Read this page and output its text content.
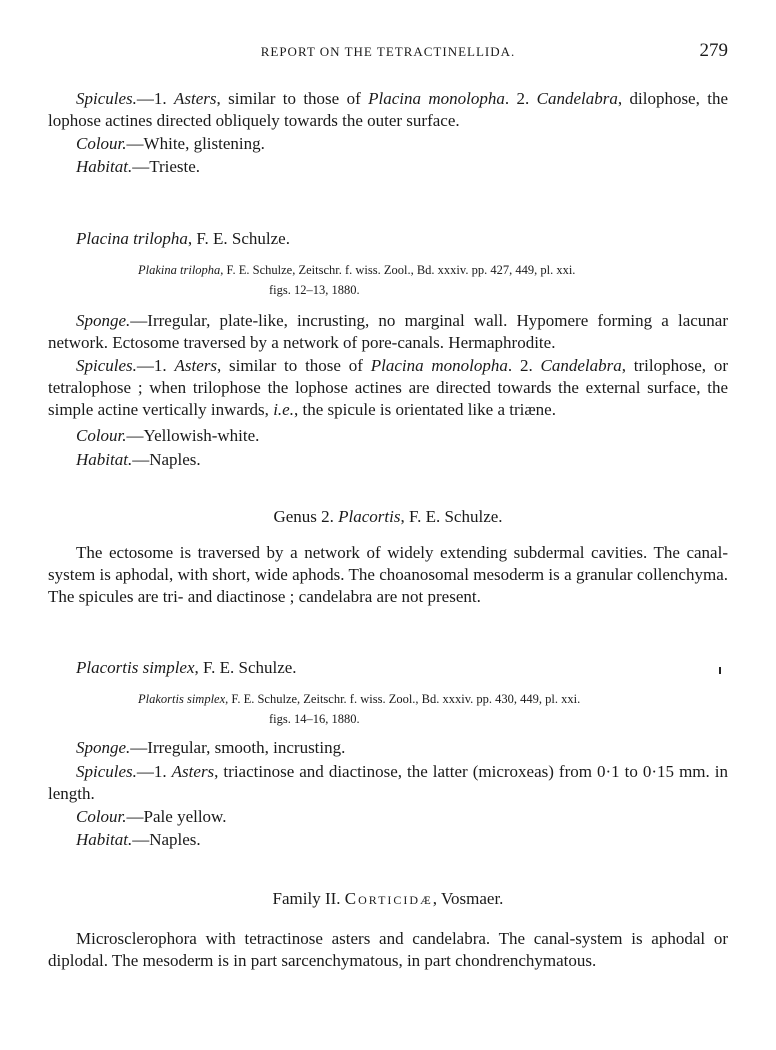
REPORT ON THE TETRACTINELLIDA.	279

Spicules.—1. Asters, similar to those of Placina monolopha. 2. Candelabra, dilophose, the lophose actines directed obliquely towards the outer surface.

Colour.—White, glistening.

Habitat.—Trieste.

Placina trilopha, F. E. Schulze.

Plakina trilopha, F. E. Schulze, Zeitschr. f. wiss. Zool., Bd. xxxiv. pp. 427, 449, pl. xxi.
figs. 12–13, 1880.

Sponge.—Irregular, plate-like, incrusting, no marginal wall. Hypomere forming a lacunar network. Ectosome traversed by a network of pore-canals. Hermaphrodite.

Spicules.—1. Asters, similar to those of Placina monolopha. 2. Candelabra, trilophose, or tetralophose ; when trilophose the lophose actines are directed towards the external surface, the simple actine vertically inwards, i.e., the spicule is orientated like a triæne.

Colour.—Yellowish-white.

Habitat.—Naples.

Genus 2. Placortis, F. E. Schulze.

The ectosome is traversed by a network of widely extending subdermal cavities. The canal-system is aphodal, with short, wide aphods. The choanosomal mesoderm is a granular collenchyma. The spicules are tri- and diactinose ; candelabra are not present.

Placortis simplex, F. E. Schulze.

Plakortis simplex, F. E. Schulze, Zeitschr. f. wiss. Zool., Bd. xxxiv. pp. 430, 449, pl. xxi.
figs. 14–16, 1880.

Sponge.—Irregular, smooth, incrusting.

Spicules.—1. Asters, triactinose and diactinose, the latter (microxeas) from 0·1 to 0·15 mm. in length.

Colour.—Pale yellow.

Habitat.—Naples.

Family II. Corticidæ, Vosmaer.

Microsclerophora with tetractinose asters and candelabra. The canal-system is aphodal or diplodal. The mesoderm is in part sarcenchymatous, in part chondrenchymatous.
